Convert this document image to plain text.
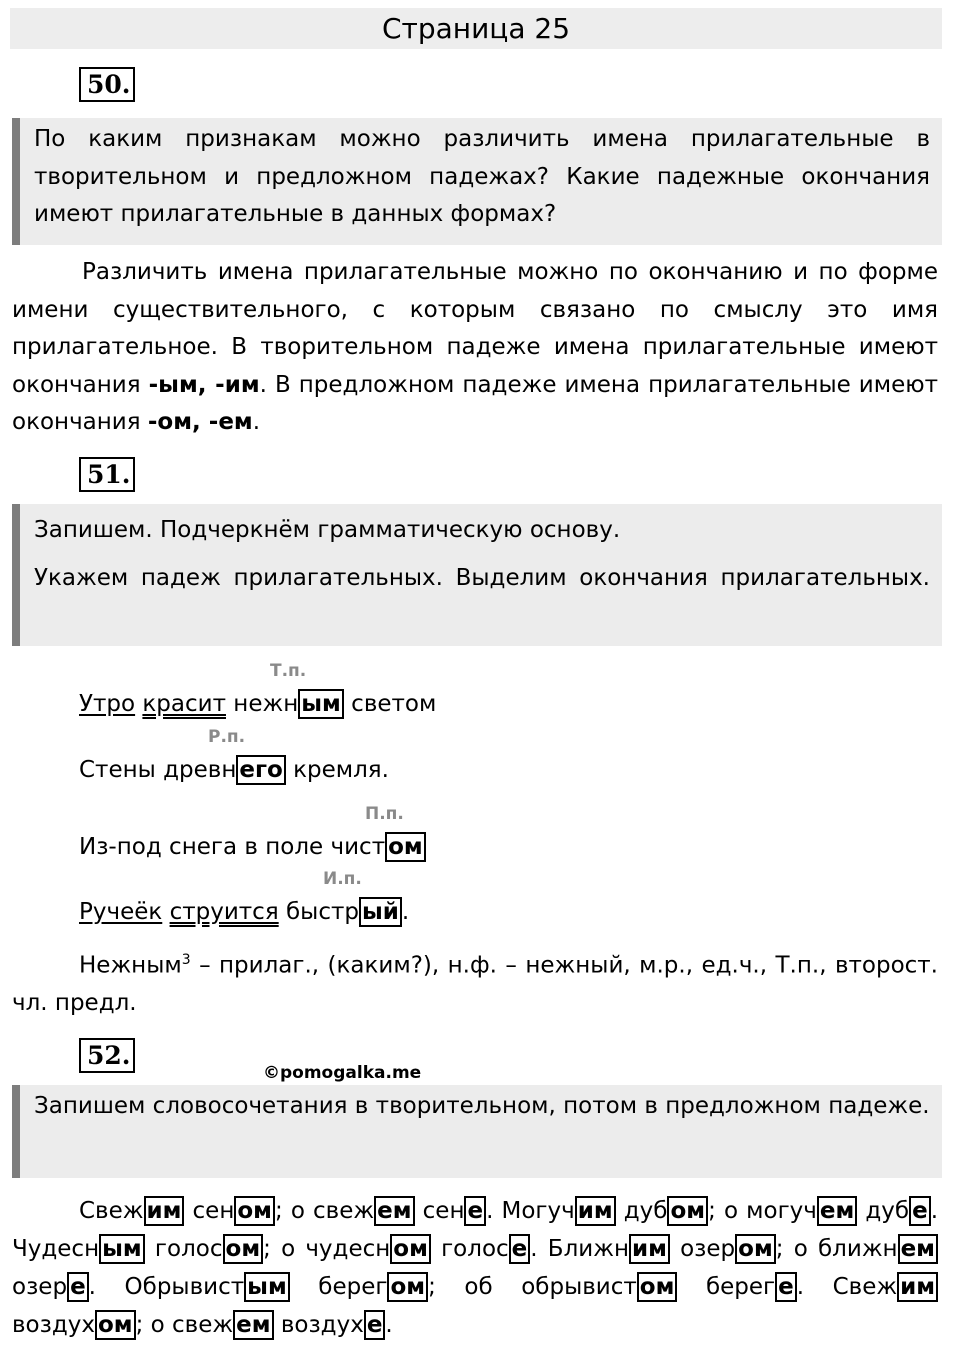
Страница 25
50.
По каким признакам можно различить имена прилагательные в творительном и предложном падежах? Какие падежные окончания имеют прилагательные в данных формах?
Различить имена прилагательные можно по окончанию и по форме имени существительного, с которым связано по смыслу это имя прилагательное. В творительном падеже имена прилагательные имеют окончания -ым, -им. В предложном падеже имена прилагательные имеют окончания -ом, -ем.
51.
Запишем. Подчеркнём грамматическую основу.
Укажем падеж прилагательных. Выделим окончания прилагательных.
Т.п.
Утро красит нежн ым светом
Р.п.
Стены древн его кремля.
П.п.
Из-под снега в поле чист ом
И.п.
Ручеёк струится быстр ый .
Нежным$^3$ – прилаг., (каким?), н.ф. – нежный, м.р., ед.ч., Т.п., второст. чл. предл.
52.
©pomogalka.me
Запишем словосочетания в творительном, потом в предложном падеже.
Свеж им сен ом ; о свеж ем сен е . Могуч им дуб ом ; о могуч ем дуб е . Чудесн ым голос ом ; о чудесн ом голос е . Ближн им озер ом ; о ближн ем озер е . Обрывист ым берег ом ; об обрывист ом берег е . Свеж им воздух ом ; о свеж ем воздух е .
